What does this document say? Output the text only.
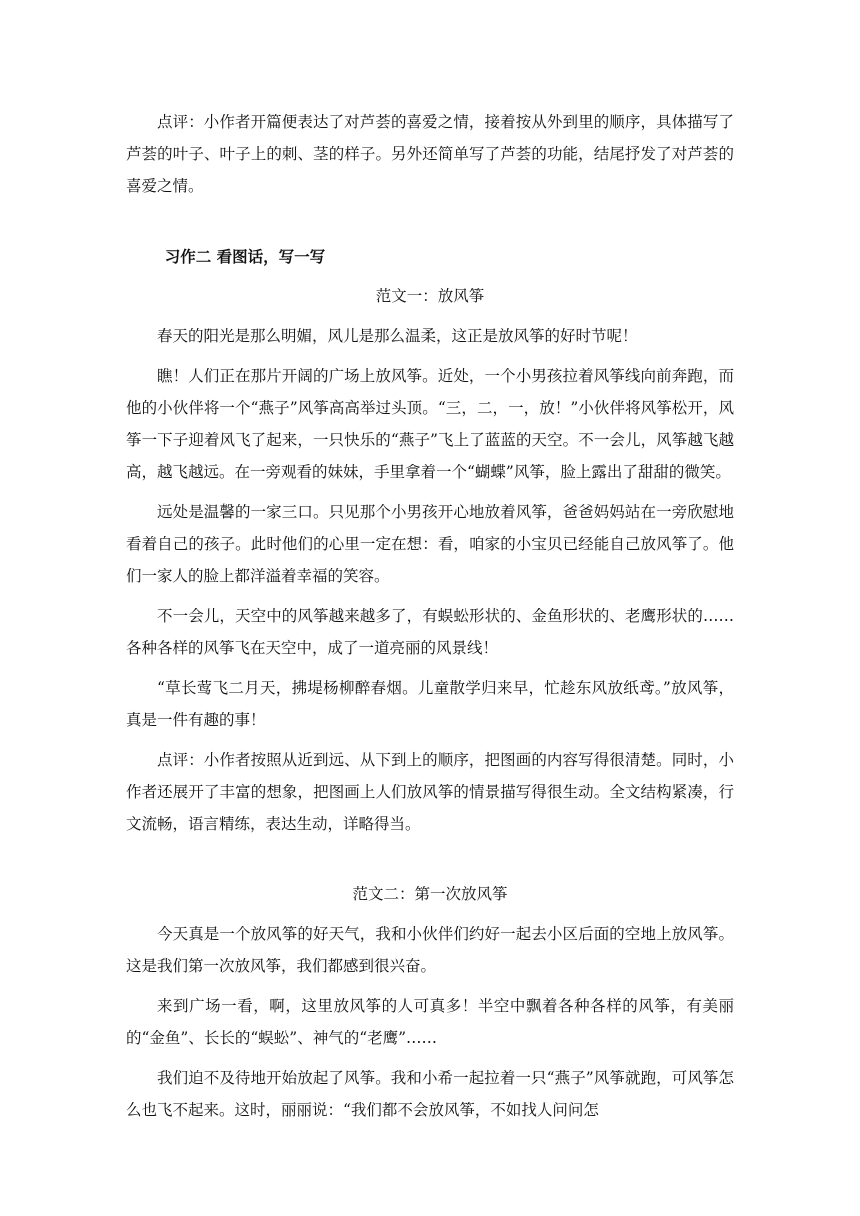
点评：小作者开篇便表达了对芦荟的喜爱之情，接着按从外到里的顺序，具体描写了芦荟的叶子、叶子上的刺、茎的样子。另外还简单写了芦荟的功能，结尾抒发了对芦荟的喜爱之情。

习作二 看图话，写一写
范文一：放风筝

春天的阳光是那么明媚，风儿是那么温柔，这正是放风筝的好时节呢！

瞧！人们正在那片开阔的广场上放风筝。近处，一个小男孩拉着风筝线向前奔跑，而他的小伙伴将一个“燕子”风筝高高举过头顶。“三，二，一，放！”小伙伴将风筝松开，风筝一下子迎着风飞了起来，一只快乐的“燕子”飞上了蓝蓝的天空。不一会儿，风筝越飞越高，越飞越远。在一旁观看的妹妹，手里拿着一个“蝴蝶”风筝，脸上露出了甜甜的微笑。

远处是温馨的一家三口。只见那个小男孩开心地放着风筝，爸爸妈妈站在一旁欣慰地看着自己的孩子。此时他们的心里一定在想：看，咱家的小宝贝已经能自己放风筝了。他们一家人的脸上都洋溢着幸福的笑容。

不一会儿，天空中的风筝越来越多了，有蜈蚣形状的、金鱼形状的、老鹰形状的……各种各样的风筝飞在天空中，成了一道亮丽的风景线！

“草长莺飞二月天，拂堤杨柳醉春烟。儿童散学归来早，忙趁东风放纸鸢。”放风筝，真是一件有趣的事！

点评：小作者按照从近到远、从下到上的顺序，把图画的内容写得很清楚。同时，小作者还展开了丰富的想象，把图画上人们放风筝的情景描写得很生动。全文结构紧凑，行文流畅，语言精练，表达生动，详略得当。

范文二：第一次放风筝

今天真是一个放风筝的好天气，我和小伙伴们约好一起去小区后面的空地上放风筝。这是我们第一次放风筝，我们都感到很兴奋。

来到广场一看，啊，这里放风筝的人可真多！半空中飘着各种各样的风筝，有美丽的“金鱼”、长长的“蜈蚣”、神气的“老鹰”……

我们迫不及待地开始放起了风筝。我和小希一起拉着一只“燕子”风筝就跑，可风筝怎么也飞不起来。这时，丽丽说：“我们都不会放风筝，不如找人问问怎
